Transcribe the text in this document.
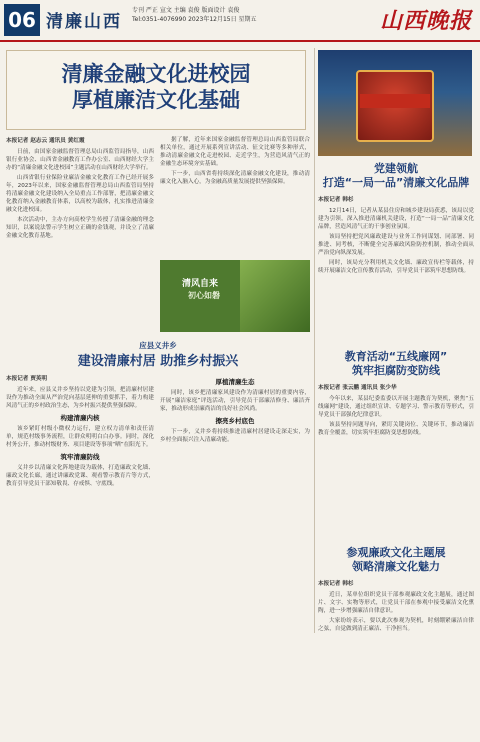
06 清廉山西
专刊 严正 宣文 主编 袁俊 版面设计 袁俊
Tel:0351-4076990 2023年12月15日 星期五	山西晚报
清廉金融文化进校园
厚植廉洁文化基础

本报记者 赵志云 通讯员 黄红霞

日前，由国家金融监督管理总局山西监管局指导，山西银行业协会、山西省金融教育工作办公室、山西财经大学主办的“清廉金融文化进校园”主题活动在山西财经大学举行。

山西省银行业保险业廉洁金融文化教育工作已经开展多年，2023年以来，国家金融监督管理总局山西监管局坚持将清廉金融文化建设纳入全局重点工作部署，把清廉金融文化教育纳入金融教育体系，以高校为载体，扎实推进清廉金融文化进校园。

本次活动中，主办方向高校学生传授了清廉金融的理念知识，以案说法警示学生树立正确的金钱观，并设立了清廉金融文化教育基地。

据了解，近年来国家金融监督管理总局山西监管局联合相关单位，通过开展系列宣讲活动、征文比赛等多种形式，推动清廉金融文化走进校园、走近学生，为营造风清气正的金融生态环境夯实基础。

下一步，山西省将持续深化清廉金融文化建设，推动清廉文化入脑入心，为金融高质量发展提供坚强保障。

清风自来
初心如磐

应县义井乡

建设清廉村居 助推乡村振兴

本报记者 贾英明

近年来，应县义井乡坚持以党建为引领，把清廉村居建设作为推动全面从严治党向基层延伸的重要抓手，着力构建风清气正的乡村政治生态，为乡村振兴提供坚强保障。

构建清廉内核

该乡紧盯村级小微权力运行，建立权力清单和责任清单，规范村级事务流程，让群众明明白白办事。同时，深化村务公开，推动村级财务、项目建设等事项“晒”在阳光下。

筑牢清廉防线

义井乡以清廉文化阵地建设为载体，打造廉政文化墙、廉政文化长廊，通过讲廉政党课、观看警示教育片等方式，教育引导党员干部知敬畏、存戒惧、守底线。

厚植清廉生态

同时，该乡把清廉家风建设作为清廉村居的重要内容，开展“廉洁家庭”评选活动，引导党员干部廉洁修身、廉洁齐家，推动形成崇廉尚洁的良好社会风尚。

擦亮乡村底色

下一步，义井乡将持续推进清廉村居建设走深走实，为乡村全面振兴注入清廉动能。

党建领航

打造“一局一品”清廉文化品牌

本报记者 韩杉

12月14日，记者从某县住房和城乡建设局获悉，该局以党建为引领，深入推进清廉机关建设，打造“一局一品”清廉文化品牌，营造风清气正的干事创业氛围。

该局坚持把党风廉政建设与业务工作同谋划、同部署、同推进、同考核，不断健全完善廉政风险防控机制，推动全面从严治党向纵深发展。

同时，该局充分利用机关文化墙、廉政宣传栏等载体，持续开展廉洁文化宣传教育活动，引导党员干部筑牢思想防线。

教育活动“五线廉网”

筑牢拒腐防变防线

本报记者 张云鹏 通讯员 张少华

今年以来，某县纪委监委以开展主题教育为契机，聚焦“五线廉网”建设，通过组织宣讲、专题学习、警示教育等形式，引导党员干部强化纪律意识。

该县坚持问题导向，紧盯关键岗位、关键环节，推动廉洁教育全覆盖，切实筑牢拒腐防变思想防线。

参观廉政文化主题展

领略清廉文化魅力

本报记者 韩杉

近日，某单位组织党员干部参观廉政文化主题展，通过图片、文字、实物等形式，让党员干部在参观中接受廉洁文化熏陶，进一步增强廉洁自律意识。

大家纷纷表示，要以此次参观为契机，时刻绷紧廉洁自律之弦，自觉做到清正廉洁、干净担当。
